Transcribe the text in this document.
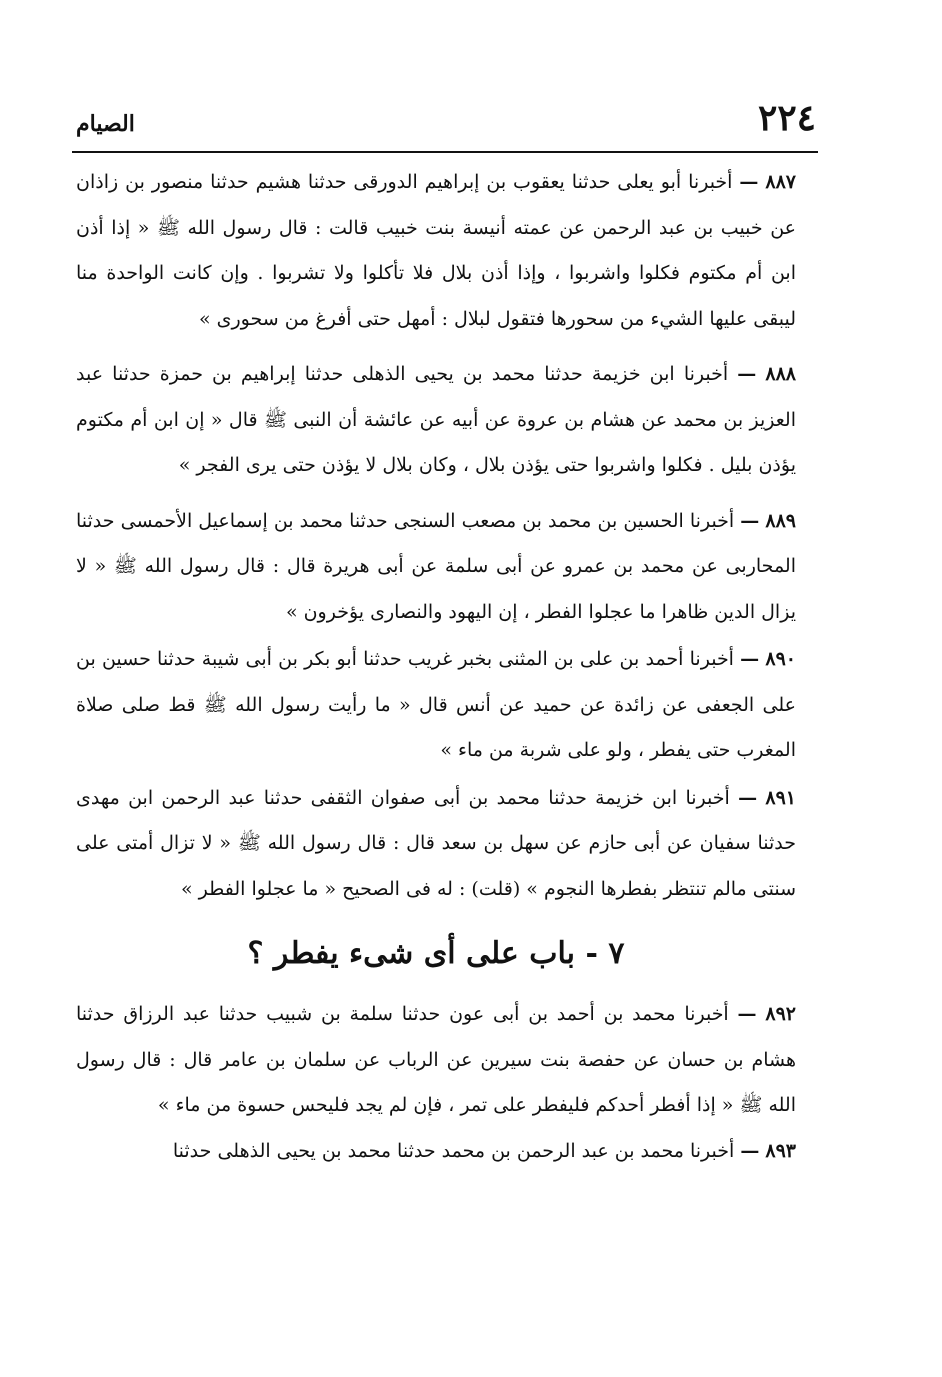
٢٢٤
الصيام

٨٨٧ — أخبرنا أبو يعلى حدثنا يعقوب بن إبراهيم الدورقى حدثنا هشيم حدثنا منصور بن زاذان عن خبيب بن عبد الرحمن عن عمته أنيسة بنت خبيب قالت : قال رسول الله ﷺ « إذا أذن ابن أم مكتوم فكلوا واشربوا ، وإذا أذن بلال فلا تأكلوا ولا تشربوا . وإن كانت الواحدة منا ليبقى عليها الشيء من سحورها فتقول لبلال : أمهل حتى أفرغ من سحورى »

٨٨٨ — أخبرنا ابن خزيمة حدثنا محمد بن يحيى الذهلى حدثنا إبراهيم بن حمزة حدثنا عبد العزيز بن محمد عن هشام بن عروة عن أبيه عن عائشة أن النبى ﷺ قال « إن ابن أم مكتوم يؤذن بليل . فكلوا واشربوا حتى يؤذن بلال ، وكان بلال لا يؤذن حتى يرى الفجر »

٨٨٩ — أخبرنا الحسين بن محمد بن مصعب السنجى حدثنا محمد بن إسماعيل الأحمسى حدثنا المحاربى عن محمد بن عمرو عن أبى سلمة عن أبى هريرة قال : قال رسول الله ﷺ « لا يزال الدين ظاهرا ما عجلوا الفطر ، إن اليهود والنصارى يؤخرون »

٨٩٠ — أخبرنا أحمد بن على بن المثنى بخبر غريب حدثنا أبو بكر بن أبى شيبة حدثنا حسين بن على الجعفى عن زائدة عن حميد عن أنس قال « ما رأيت رسول الله ﷺ قط صلى صلاة المغرب حتى يفطر ، ولو على شربة من ماء »

٨٩١ — أخبرنا ابن خزيمة حدثنا محمد بن أبى صفوان الثقفى حدثنا عبد الرحمن ابن مهدى حدثنا سفيان عن أبى حازم عن سهل بن سعد قال : قال رسول الله ﷺ « لا تزال أمتى على سنتى مالم تنتظر بفطرها النجوم » (قلت) : له فى الصحيح « ما عجلوا الفطر »

٧ - باب على أى شىء يفطر ؟

٨٩٢ — أخبرنا محمد بن أحمد بن أبى عون حدثنا سلمة بن شبيب حدثنا عبد الرزاق حدثنا هشام بن حسان عن حفصة بنت سيرين عن الرباب عن سلمان بن عامر قال : قال رسول الله ﷺ « إذا أفطر أحدكم فليفطر على تمر ، فإن لم يجد فليحس حسوة من ماء »

٨٩٣ — أخبرنا محمد بن عبد الرحمن بن محمد حدثنا محمد بن يحيى الذهلى حدثنا
